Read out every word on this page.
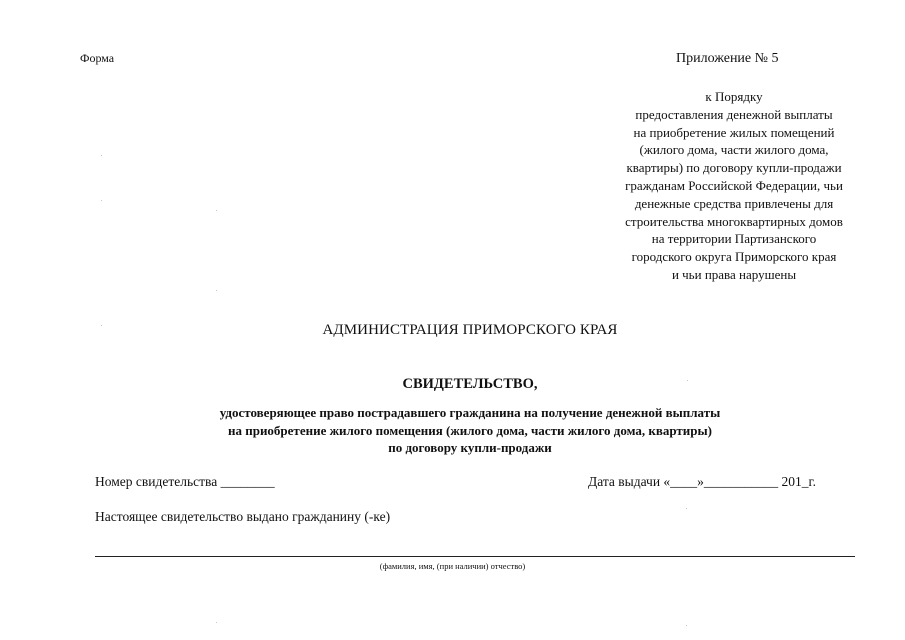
Форма	Приложение № 5
к Порядку
предоставления денежной выплаты
на приобретение жилых помещений
(жилого дома, части жилого дома,
квартиры) по договору купли-продажи
гражданам Российской Федерации, чьи
денежные средства привлечены для
строительства многоквартирных домов
на территории Партизанского
городского округа Приморского края
и чьи права нарушены
АДМИНИСТРАЦИЯ ПРИМОРСКОГО КРАЯ
СВИДЕТЕЛЬСТВО,
удостоверяющее право пострадавшего гражданина на получение денежной выплаты
на приобретение жилого помещения (жилого дома, части жилого дома, квартиры)
по договору купли-продажи
Номер свидетельства ________	Дата выдачи «____»___________ 201_г.
Настоящее свидетельство выдано гражданину (-ке)
(фамилия, имя, (при наличии) отчество)
